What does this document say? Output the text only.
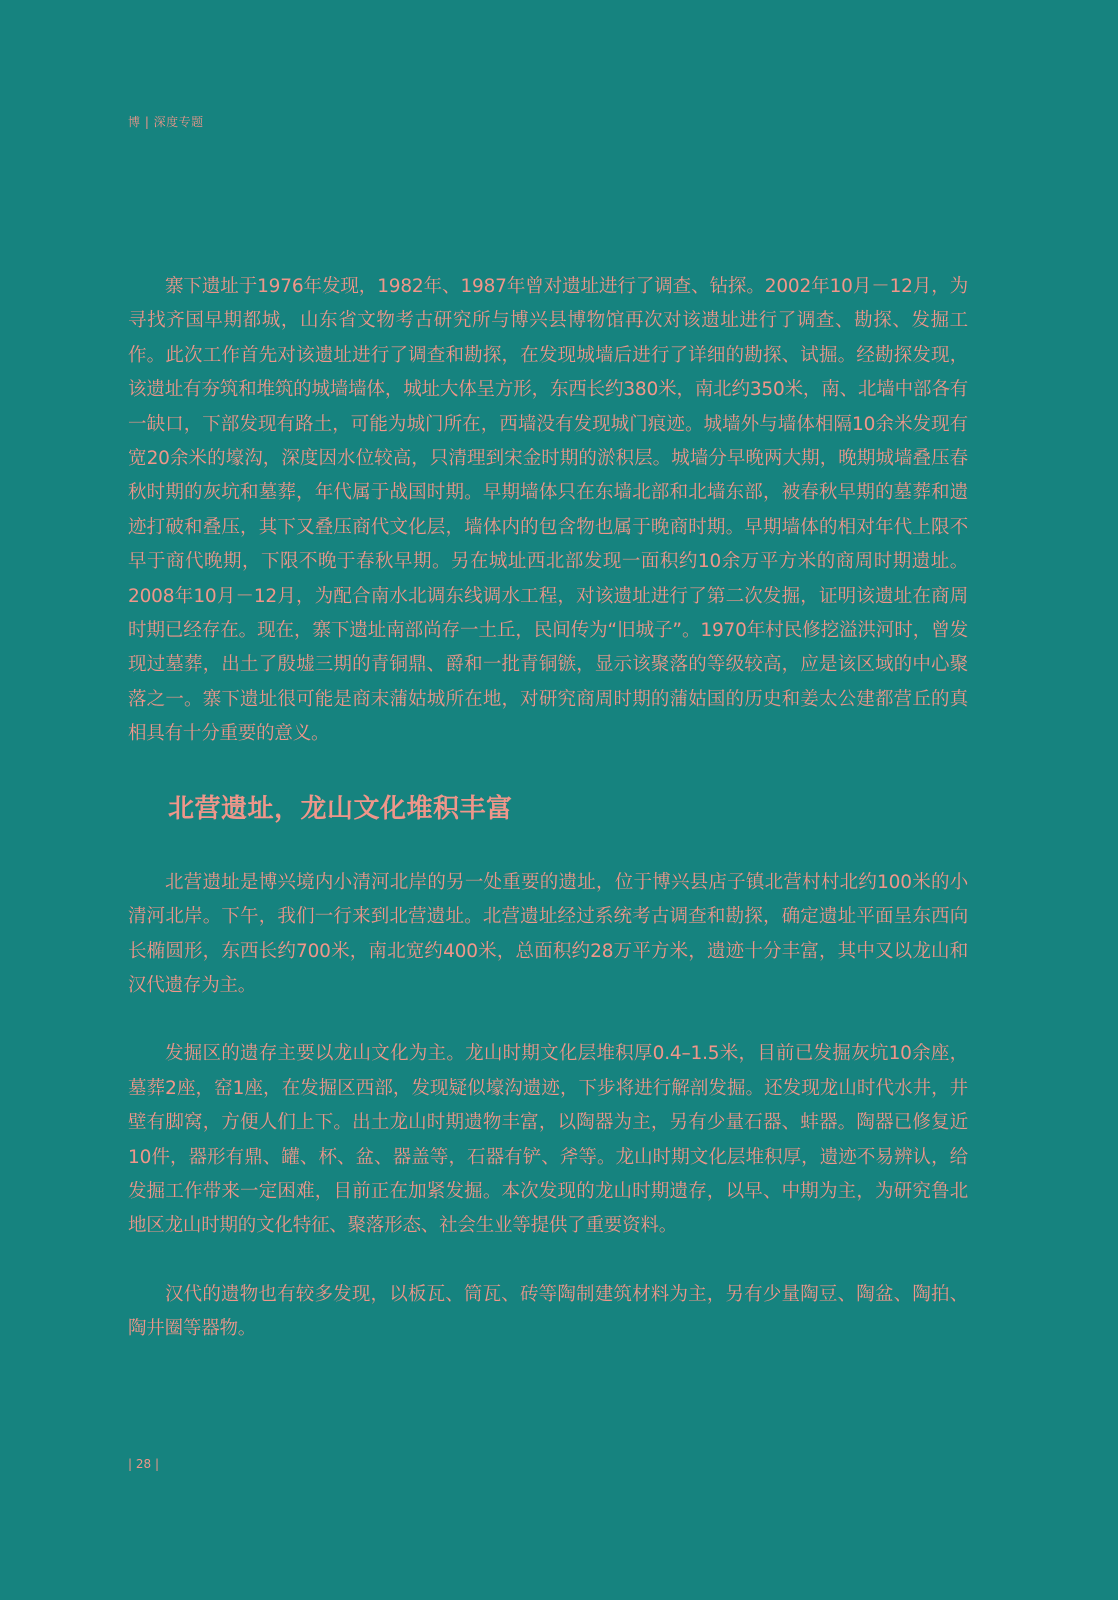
博 | 深度专题

寨下遗址于1976年发现，1982年、1987年曾对遗址进行了调查、钻探。2002年10月－12月，为寻找齐国早期都城，山东省文物考古研究所与博兴县博物馆再次对该遗址进行了调查、勘探、发掘工作。此次工作首先对该遗址进行了调查和勘探，在发现城墙后进行了详细的勘探、试掘。经勘探发现，该遗址有夯筑和堆筑的城墙墙体，城址大体呈方形，东西长约380米，南北约350米，南、北墙中部各有一缺口，下部发现有路土，可能为城门所在，西墙没有发现城门痕迹。城墙外与墙体相隔10余米发现有宽20余米的壕沟，深度因水位较高，只清理到宋金时期的淤积层。城墙分早晚两大期，晚期城墙叠压春秋时期的灰坑和墓葬，年代属于战国时期。早期墙体只在东墙北部和北墙东部，被春秋早期的墓葬和遗迹打破和叠压，其下又叠压商代文化层，墙体内的包含物也属于晚商时期。早期墙体的相对年代上限不早于商代晚期，下限不晚于春秋早期。另在城址西北部发现一面积约10余万平方米的商周时期遗址。2008年10月－12月，为配合南水北调东线调水工程，对该遗址进行了第二次发掘，证明该遗址在商周时期已经存在。现在，寨下遗址南部尚存一土丘，民间传为“旧城子”。1970年村民修挖溢洪河时，曾发现过墓葬，出土了殷墟三期的青铜鼎、爵和一批青铜镞，显示该聚落的等级较高，应是该区域的中心聚落之一。寨下遗址很可能是商末蒲姑城所在地，对研究商周时期的蒲姑国的历史和姜太公建都营丘的真相具有十分重要的意义。

北营遗址，龙山文化堆积丰富

北营遗址是博兴境内小清河北岸的另一处重要的遗址，位于博兴县店子镇北营村村北约100米的小清河北岸。下午，我们一行来到北营遗址。北营遗址经过系统考古调查和勘探，确定遗址平面呈东西向长椭圆形，东西长约700米，南北宽约400米，总面积约28万平方米，遗迹十分丰富，其中又以龙山和汉代遗存为主。

发掘区的遗存主要以龙山文化为主。龙山时期文化层堆积厚0.4–1.5米，目前已发掘灰坑10余座，墓葬2座，窑1座，在发掘区西部，发现疑似壕沟遗迹，下步将进行解剖发掘。还发现龙山时代水井，井壁有脚窝，方便人们上下。出土龙山时期遗物丰富，以陶器为主，另有少量石器、蚌器。陶器已修复近10件，器形有鼎、罐、杯、盆、器盖等，石器有铲、斧等。龙山时期文化层堆积厚，遗迹不易辨认，给发掘工作带来一定困难，目前正在加紧发掘。本次发现的龙山时期遗存，以早、中期为主，为研究鲁北地区龙山时期的文化特征、聚落形态、社会生业等提供了重要资料。

汉代的遗物也有较多发现，以板瓦、筒瓦、砖等陶制建筑材料为主，另有少量陶豆、陶盆、陶拍、陶井圈等器物。

| 28 |
